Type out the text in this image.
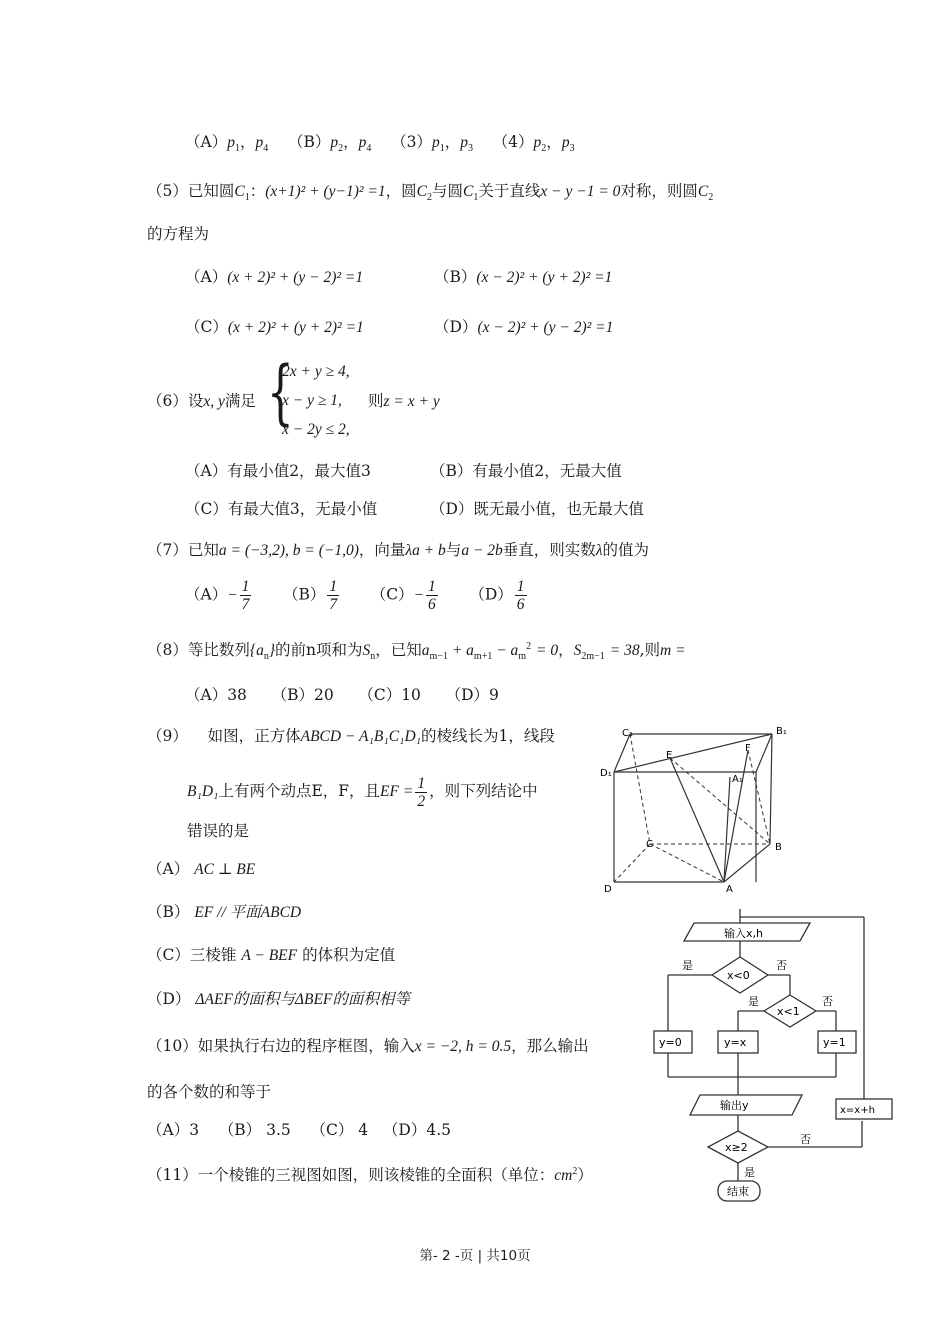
$(A)p_1$，$p_4$ $(B)p_2$，$p_4$ $(3)p_1$，$p_3$ $(4)p_2$，$p_3$
（5）已知圆$C_1$：(x+1)² + (y−1)² =1，圆$C_2$与圆$C_1$关于直线x − y −1 = 0对称，则圆$C_2$
的方程为
（A）(x + 2)² + (y − 2)² =1	（B）(x − 2)² + (y + 2)² =1
（C）(x + 2)² + (y + 2)² =1	（D）(x − 2)² + (y − 2)² =1
（6）设x, y满足 {
2x + y ≥ 4,
x − y ≥ 1,
x − 2y ≤ 2,
则z = x + y
（A）有最小值2，最大值3	（B）有最小值2，无最大值
（C）有最大值3，无最小值	（D）既无最小值，也无最大值
（7）已知a = (−3,2), b = (−1,0)，向量λa + b与a − 2b垂直，则实数λ的值为
$(A)- \frac{1}{7} (B) \frac{1}{7} (C)- \frac{1}{6} (D) \frac{1}{6}$
（8）等比数列$\{a_n\}$的前n项和为$S_n$，已知$a_{m-1} + a_{m+1} - a_m^2 = 0$，$S_{2m-1} = 38$,则m =
（A）38 （B）20 （C）10 （D）9
（9） 如图，正方体ABCD − A₁B₁C₁D₁的棱线长为1，线段
B₁D₁上有两个动点E，F，且EF = $\frac{1}{2}$ ，则下列结论中
错误的是
（A） AC ⊥ BE
（B） EF // 平面ABCD
（C）三棱锥 A − BEF 的体积为定值
（D） ΔAEF的面积与ΔBEF的面积相等
C₁	B₁
E
F
D₁
A₁
C	B
D	A
（10）如果执行右边的程序框图，输入x = −2, h = 0.5，那么输出
的各个数的和等于
（A）3 （B） 3.5 （C） 4 （D）4.5
输入x,h
x<0
是	否
x<1
是	否
y=0	y=x	y=1
输出y	x=x+h
x≥2
否
是
结束
（11）一个棱锥的三视图如图，则该棱锥的全面积（单位：$cm^2$）
第- 2 -页 | 共10页
